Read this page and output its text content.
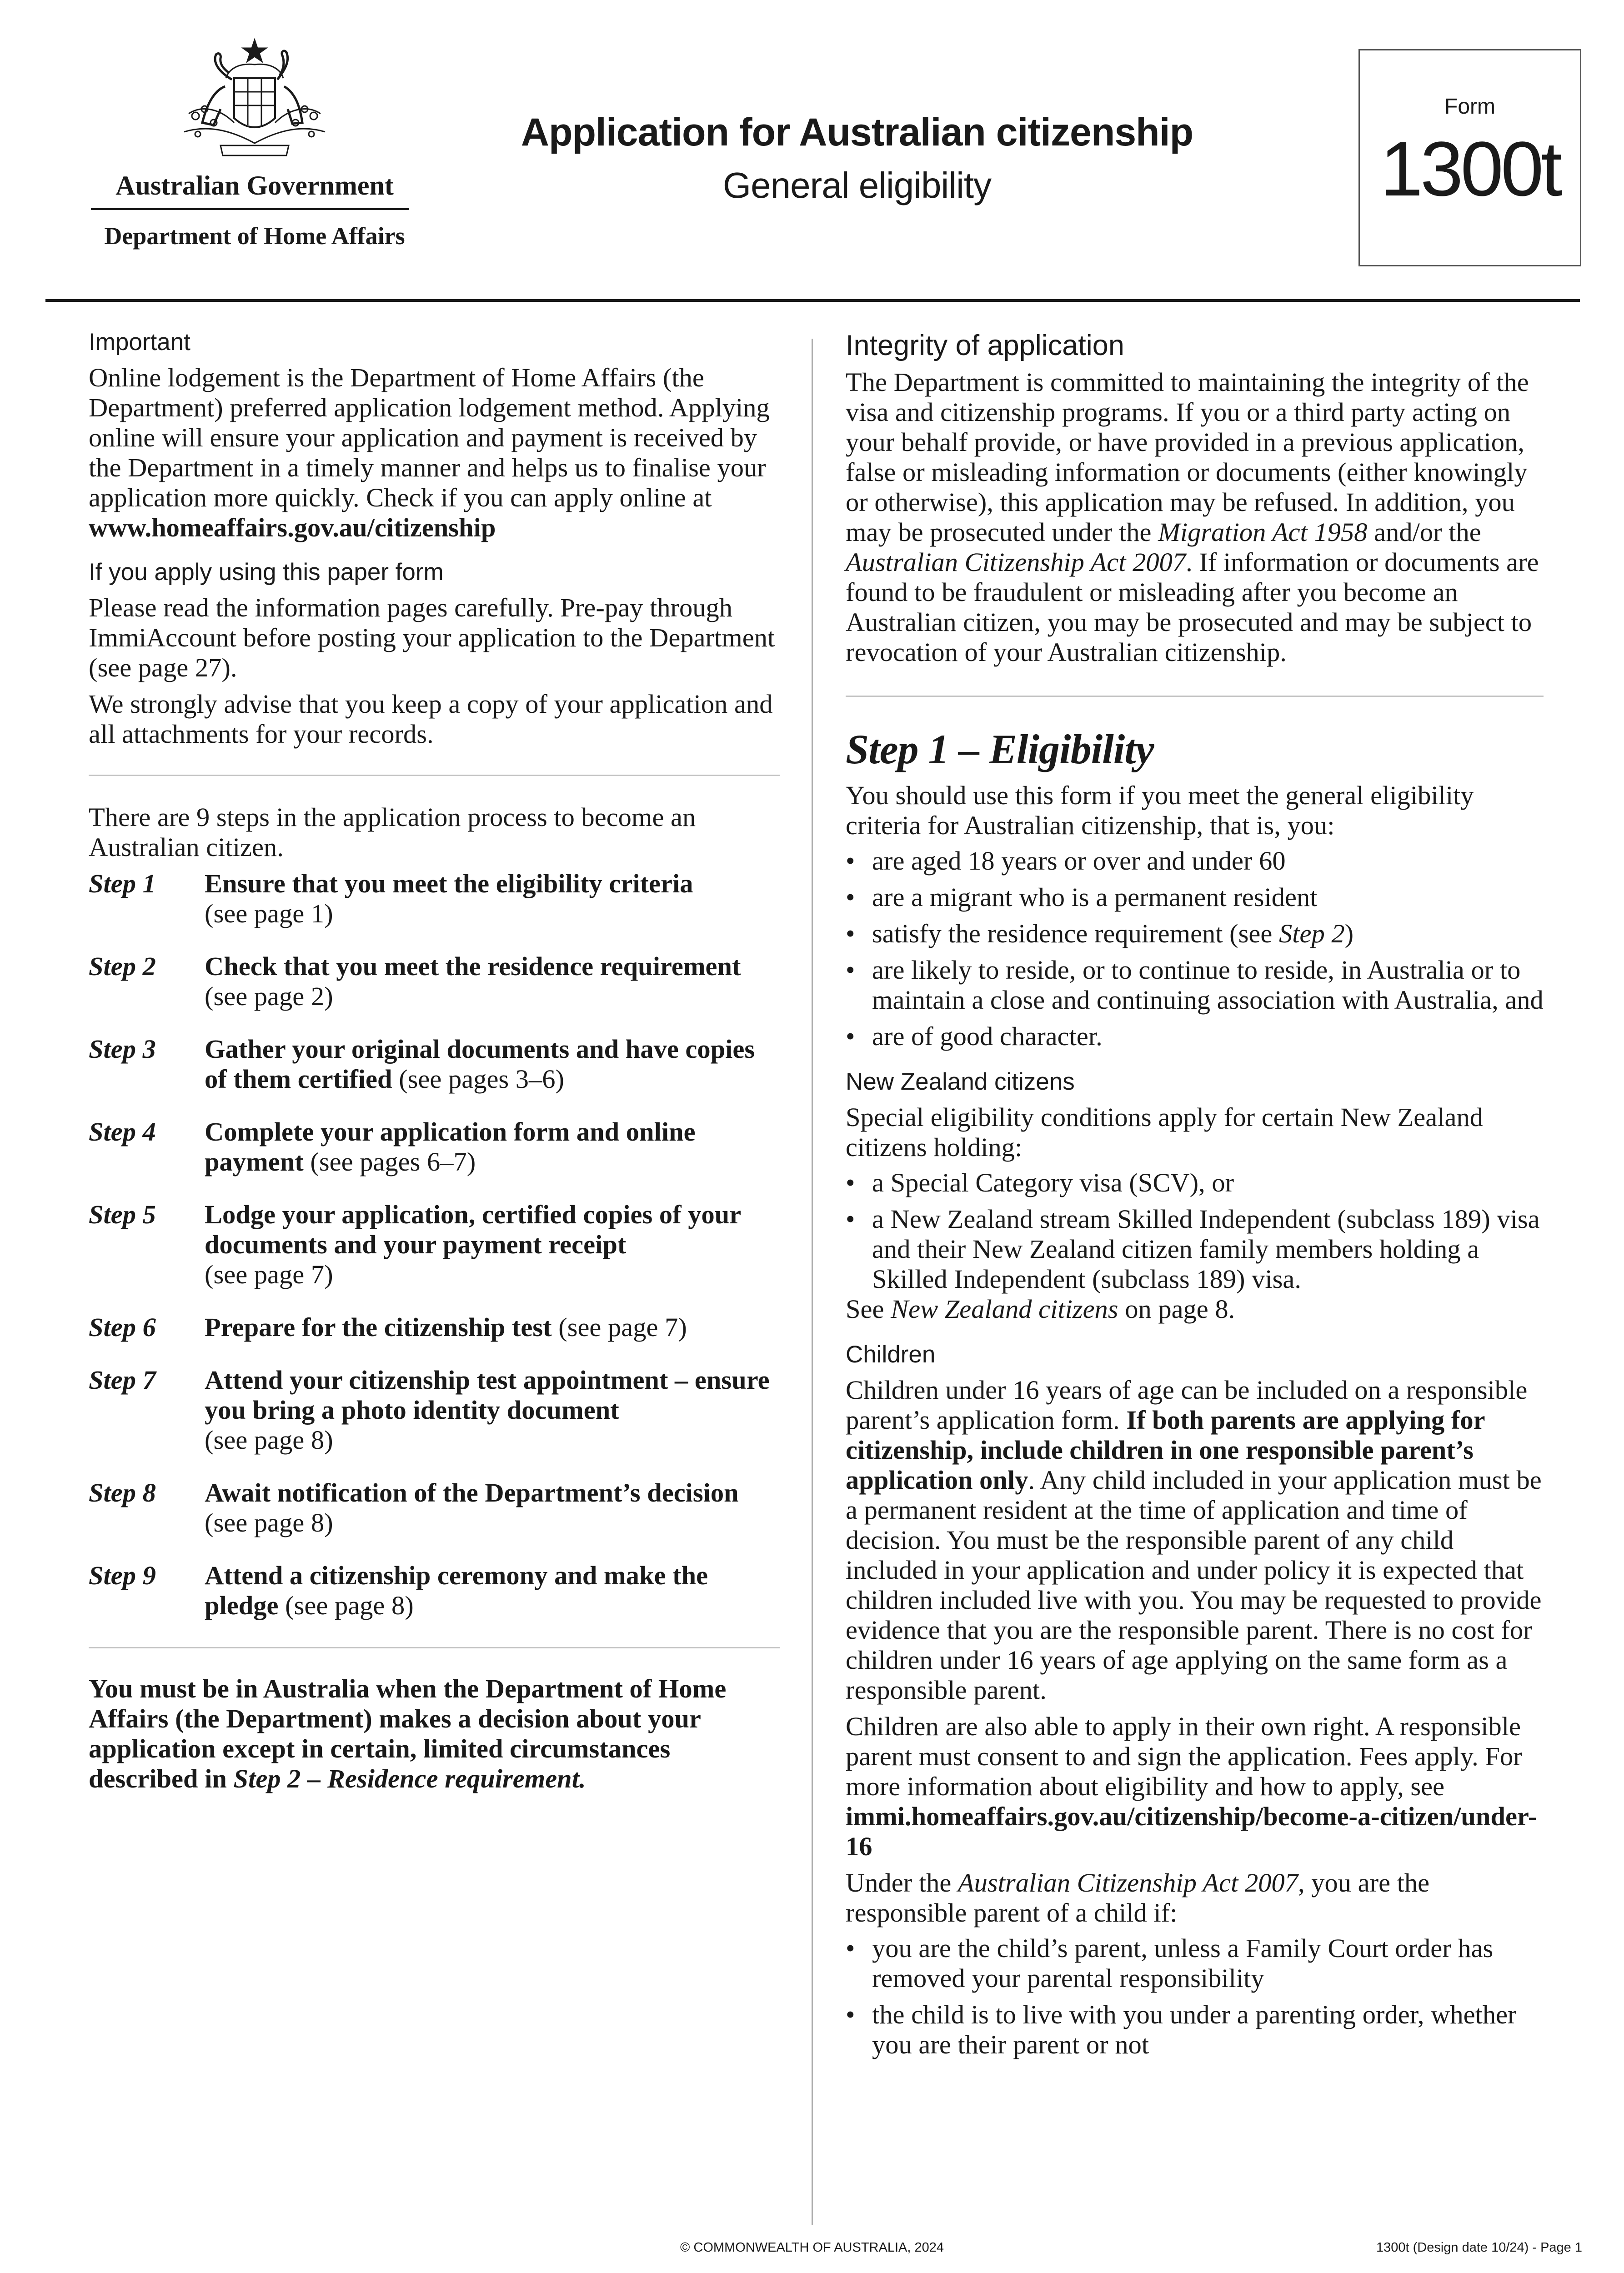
Australian Government
Department of Home Affairs
Application for Australian citizenship
General eligibility
Form
1300t

Important

Online lodgement is the Department of Home Affairs (the Department) preferred application lodgement method. Applying online will ensure your application and payment is received by the Department in a timely manner and helps us to finalise your application more quickly. Check if you can apply online at www.homeaffairs.gov.au/citizenship

If you apply using this paper form

Please read the information pages carefully. Pre-pay through ImmiAccount before posting your application to the Department (see page 27).

We strongly advise that you keep a copy of your application and all attachments for your records.

There are 9 steps in the application process to become an Australian citizen.

Step 1	Ensure that you meet the eligibility criteria
(see page 1)
Step 2	Check that you meet the residence requirement
(see page 2)
Step 3	Gather your original documents and have copies of them certified (see pages 3–6)
Step 4	Complete your application form and online payment (see pages 6–7)
Step 5	Lodge your application, certified copies of your documents and your payment receipt
(see page 7)
Step 6	Prepare for the citizenship test (see page 7)
Step 7	Attend your citizenship test appointment – ensure you bring a photo identity document
(see page 8)
Step 8	Await notification of the Department’s decision
(see page 8)
Step 9	Attend a citizenship ceremony and make the pledge (see page 8)

You must be in Australia when the Department of Home Affairs (the Department) makes a decision about your application except in certain, limited circumstances described in Step 2 – Residence requirement.

Integrity of application

The Department is committed to maintaining the integrity of the visa and citizenship programs. If you or a third party acting on your behalf provide, or have provided in a previous application, false or misleading information or documents (either knowingly or otherwise), this application may be refused. In addition, you may be prosecuted under the Migration Act 1958 and/or the Australian Citizenship Act 2007. If information or documents are found to be fraudulent or misleading after you become an Australian citizen, you may be prosecuted and may be subject to revocation of your Australian citizenship.

Step 1 – Eligibility

You should use this form if you meet the general eligibility criteria for Australian citizenship, that is, you:

• are aged 18 years or over and under 60
• are a migrant who is a permanent resident
• satisfy the residence requirement (see Step 2)
• are likely to reside, or to continue to reside, in Australia or to maintain a close and continuing association with Australia, and
• are of good character.

New Zealand citizens

Special eligibility conditions apply for certain New Zealand citizens holding:

• a Special Category visa (SCV), or
• a New Zealand stream Skilled Independent (subclass 189) visa and their New Zealand citizen family members holding a Skilled Independent (subclass 189) visa.

See New Zealand citizens on page 8.

Children

Children under 16 years of age can be included on a responsible parent’s application form. If both parents are applying for citizenship, include children in one responsible parent’s application only. Any child included in your application must be a permanent resident at the time of application and time of decision. You must be the responsible parent of any child included in your application and under policy it is expected that children included live with you. You may be requested to provide evidence that you are the responsible parent. There is no cost for children under 16 years of age applying on the same form as a responsible parent.

Children are also able to apply in their own right. A responsible parent must consent to and sign the application. Fees apply. For more information about eligibility and how to apply, see immi.homeaffairs.gov.au/citizenship/become-a-citizen/under-16

Under the Australian Citizenship Act 2007, you are the responsible parent of a child if:

• you are the child’s parent, unless a Family Court order has removed your parental responsibility
• the child is to live with you under a parenting order, whether you are their parent or not
© COMMONWEALTH OF AUSTRALIA, 2024	1300t (Design date 10/24) - Page 1
